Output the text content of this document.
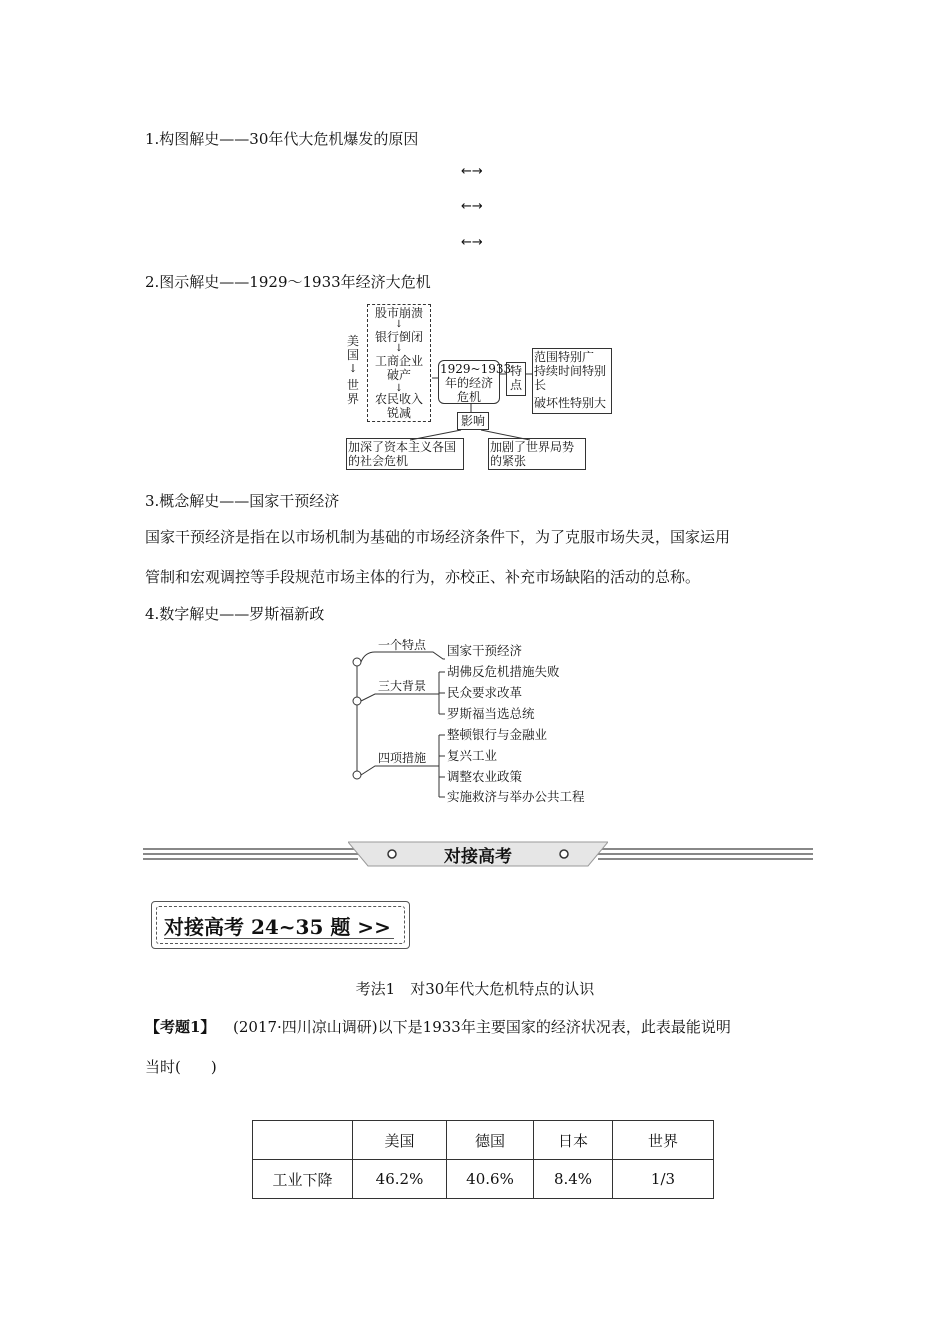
1.构图解史——30年代大危机爆发的原因
←→
←→
←→
2.图示解史——1929～1933年经济大危机
美国
↓
世界
股市崩溃
↓
银行倒闭
↓
工商企业破产
↓
农民收入锐减
1929~1933年的经济危机
特点
范围特别广
持续时间特别长
破坏性特别大
影响
加深了资本主义各国的社会危机
加剧了世界局势的紧张
3.概念解史——国家干预经济
国家干预经济是指在以市场机制为基础的市场经济条件下，为了克服市场失灵，国家运用
管制和宏观调控等手段规范市场主体的行为，亦校正、补充市场缺陷的活动的总称。
4.数字解史——罗斯福新政
一个特点	国家干预经济
三大背景
胡佛反危机措施失败
民众要求改革
罗斯福当选总统
四项措施
整顿银行与金融业
复兴工业
调整农业政策
实施救济与举办公共工程
对接高考
对接高考 24~35 题 >>
考法1　对30年代大危机特点的认识
【考题1】 (2017·四川凉山调研)以下是1933年主要国家的经济状况表，此表最能说明
当时(　　)
	美国	德国	日本	世界
工业下降	46.2%	40.6%	8.4%	1/3
